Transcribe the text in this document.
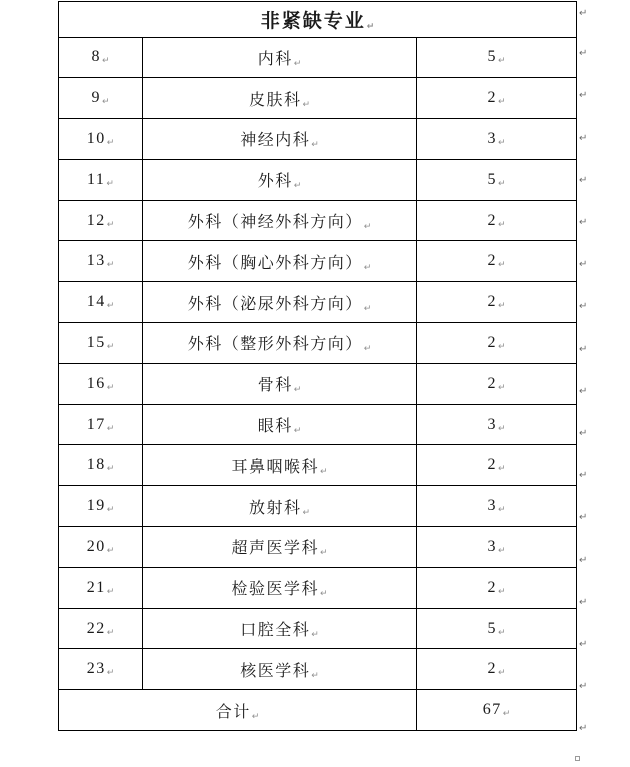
非紧缺专业↵		
8↵	内科↵	5↵
9↵	皮肤科↵	2↵
10↵	神经内科↵	3↵
11↵	外科↵	5↵
12↵	外科（神经外科方向）↵	2↵
13↵	外科（胸心外科方向）↵	2↵
14↵	外科（泌尿外科方向）↵	2↵
15↵	外科（整形外科方向）↵	2↵
16↵	骨科↵	2↵
17↵	眼科↵	3↵
18↵	耳鼻咽喉科↵	2↵
19↵	放射科↵	3↵
20↵	超声医学科↵	3↵
21↵	检验医学科↵	2↵
22↵	口腔全科↵	5↵
23↵	核医学科↵	2↵
合计↵		67↵
↵
↵
↵
↵
↵
↵
↵
↵
↵
↵
↵
↵
↵
↵
↵
↵
↵
↵
